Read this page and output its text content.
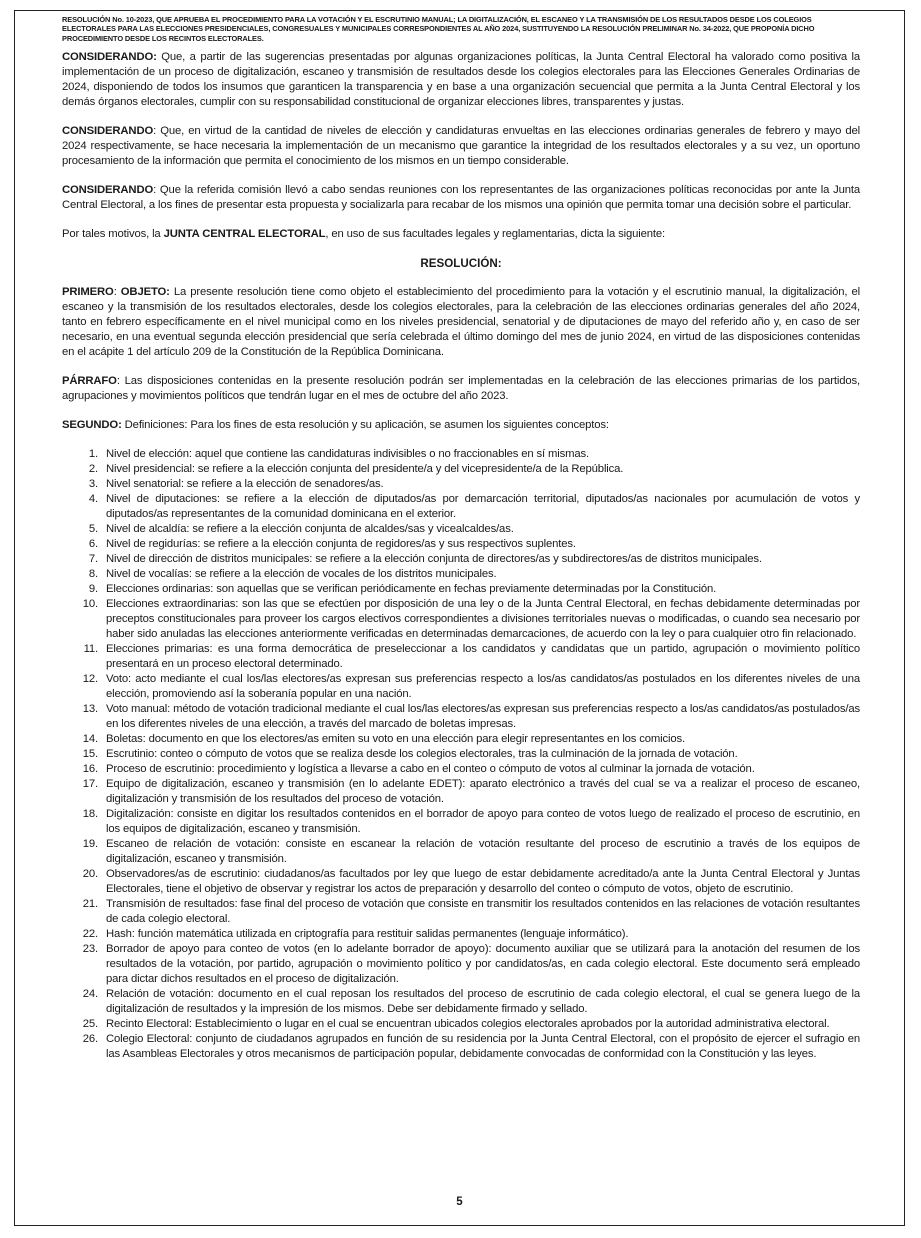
RESOLUCIÓN No. 10-2023, QUE APRUEBA EL PROCEDIMIENTO PARA LA VOTACIÓN Y EL ESCRUTINIO MANUAL; LA DIGITALIZACIÓN, EL ESCANEO Y LA TRANSMISIÓN DE LOS RESULTADOS DESDE LOS COLEGIOS ELECTORALES PARA LAS ELECCIONES PRESIDENCIALES, CONGRESUALES Y MUNICIPALES CORRESPONDIENTES AL AÑO 2024, SUSTITUYENDO LA RESOLUCIÓN PRELIMINAR No. 34-2022, QUE PROPONÍA DICHO PROCEDIMIENTO DESDE LOS RECINTOS ELECTORALES.

CONSIDERANDO: Que, a partir de las sugerencias presentadas por algunas organizaciones políticas, la Junta Central Electoral ha valorado como positiva la implementación de un proceso de digitalización, escaneo y transmisión de resultados desde los colegios electorales para las Elecciones Generales Ordinarias de 2024, disponiendo de todos los insumos que garanticen la transparencia y en base a una organización secuencial que permita a la Junta Central Electoral y los demás órganos electorales, cumplir con su responsabilidad constitucional de organizar elecciones libres, transparentes y justas.

CONSIDERANDO: Que, en virtud de la cantidad de niveles de elección y candidaturas envueltas en las elecciones ordinarias generales de febrero y mayo del 2024 respectivamente, se hace necesaria la implementación de un mecanismo que garantice la integridad de los resultados electorales y a su vez, un oportuno procesamiento de la información que permita el conocimiento de los mismos en un tiempo considerable.

CONSIDERANDO: Que la referida comisión llevó a cabo sendas reuniones con los representantes de las organizaciones políticas reconocidas por ante la Junta Central Electoral, a los fines de presentar esta propuesta y socializarla para recabar de los mismos una opinión que permita tomar una decisión sobre el particular.

Por tales motivos, la JUNTA CENTRAL ELECTORAL, en uso de sus facultades legales y reglamentarias, dicta la siguiente:

RESOLUCIÓN:

PRIMERO: OBJETO: La presente resolución tiene como objeto el establecimiento del procedimiento para la votación y el escrutinio manual, la digitalización, el escaneo y la transmisión de los resultados electorales, desde los colegios electorales, para la celebración de las elecciones ordinarias generales del año 2024, tanto en febrero específicamente en el nivel municipal como en los niveles presidencial, senatorial y de diputaciones de mayo del referido año y, en caso de ser necesario, en una eventual segunda elección presidencial que sería celebrada el último domingo del mes de junio 2024, en virtud de las disposiciones contenidas en el acápite 1 del artículo 209 de la Constitución de la República Dominicana.

PÁRRAFO: Las disposiciones contenidas en la presente resolución podrán ser implementadas en la celebración de las elecciones primarias de los partidos, agrupaciones y movimientos políticos que tendrán lugar en el mes de octubre del año 2023.

SEGUNDO: Definiciones: Para los fines de esta resolución y su aplicación, se asumen los siguientes conceptos:

1. Nivel de elección: aquel que contiene las candidaturas indivisibles o no fraccionables en sí mismas.
2. Nivel presidencial: se refiere a la elección conjunta del presidente/a y del vicepresidente/a de la República.
3. Nivel senatorial: se refiere a la elección de senadores/as.
4. Nivel de diputaciones: se refiere a la elección de diputados/as por demarcación territorial, diputados/as nacionales por acumulación de votos y diputados/as representantes de la comunidad dominicana en el exterior.
5. Nivel de alcaldía: se refiere a la elección conjunta de alcaldes/sas y vicealcaldes/as.
6. Nivel de regidurías: se refiere a la elección conjunta de regidores/as y sus respectivos suplentes.
7. Nivel de dirección de distritos municipales: se refiere a la elección conjunta de directores/as y subdirectores/as de distritos municipales.
8. Nivel de vocalías: se refiere a la elección de vocales de los distritos municipales.
9. Elecciones ordinarias: son aquellas que se verifican periódicamente en fechas previamente determinadas por la Constitución.
10. Elecciones extraordinarias: son las que se efectúen por disposición de una ley o de la Junta Central Electoral, en fechas debidamente determinadas por preceptos constitucionales para proveer los cargos electivos correspondientes a divisiones territoriales nuevas o modificadas, o cuando sea necesario por haber sido anuladas las elecciones anteriormente verificadas en determinadas demarcaciones, de acuerdo con la ley o para cualquier otro fin relacionado.
11. Elecciones primarias: es una forma democrática de preseleccionar a los candidatos y candidatas que un partido, agrupación o movimiento político presentará en un proceso electoral determinado.
12. Voto: acto mediante el cual los/las electores/as expresan sus preferencias respecto a los/as candidatos/as postulados en los diferentes niveles de una elección, promoviendo así la soberanía popular en una nación.
13. Voto manual: método de votación tradicional mediante el cual los/las electores/as expresan sus preferencias respecto a los/as candidatos/as postulados/as en los diferentes niveles de una elección, a través del marcado de boletas impresas.
14. Boletas: documento en que los electores/as emiten su voto en una elección para elegir representantes en los comicios.
15. Escrutinio: conteo o cómputo de votos que se realiza desde los colegios electorales, tras la culminación de la jornada de votación.
16. Proceso de escrutinio: procedimiento y logística a llevarse a cabo en el conteo o cómputo de votos al culminar la jornada de votación.
17. Equipo de digitalización, escaneo y transmisión (en lo adelante EDET): aparato electrónico a través del cual se va a realizar el proceso de escaneo, digitalización y transmisión de los resultados del proceso de votación.
18. Digitalización: consiste en digitar los resultados contenidos en el borrador de apoyo para conteo de votos luego de realizado el proceso de escrutinio, en los equipos de digitalización, escaneo y transmisión.
19. Escaneo de relación de votación: consiste en escanear la relación de votación resultante del proceso de escrutinio a través de los equipos de digitalización, escaneo y transmisión.
20. Observadores/as de escrutinio: ciudadanos/as facultados por ley que luego de estar debidamente acreditado/a ante la Junta Central Electoral y Juntas Electorales, tiene el objetivo de observar y registrar los actos de preparación y desarrollo del conteo o cómputo de votos, objeto de escrutinio.
21. Transmisión de resultados: fase final del proceso de votación que consiste en transmitir los resultados contenidos en las relaciones de votación resultantes de cada colegio electoral.
22. Hash: función matemática utilizada en criptografía para restituir salidas permanentes (lenguaje informático).
23. Borrador de apoyo para conteo de votos (en lo adelante borrador de apoyo): documento auxiliar que se utilizará para la anotación del resumen de los resultados de la votación, por partido, agrupación o movimiento político y por candidatos/as, en cada colegio electoral. Este documento será empleado para dictar dichos resultados en el proceso de digitalización.
24. Relación de votación: documento en el cual reposan los resultados del proceso de escrutinio de cada colegio electoral, el cual se genera luego de la digitalización de resultados y la impresión de los mismos. Debe ser debidamente firmado y sellado.
25. Recinto Electoral: Establecimiento o lugar en el cual se encuentran ubicados colegios electorales aprobados por la autoridad administrativa electoral.
26. Colegio Electoral: conjunto de ciudadanos agrupados en función de su residencia por la Junta Central Electoral, con el propósito de ejercer el sufragio en las Asambleas Electorales y otros mecanismos de participación popular, debidamente convocadas de conformidad con la Constitución y las leyes.
5
